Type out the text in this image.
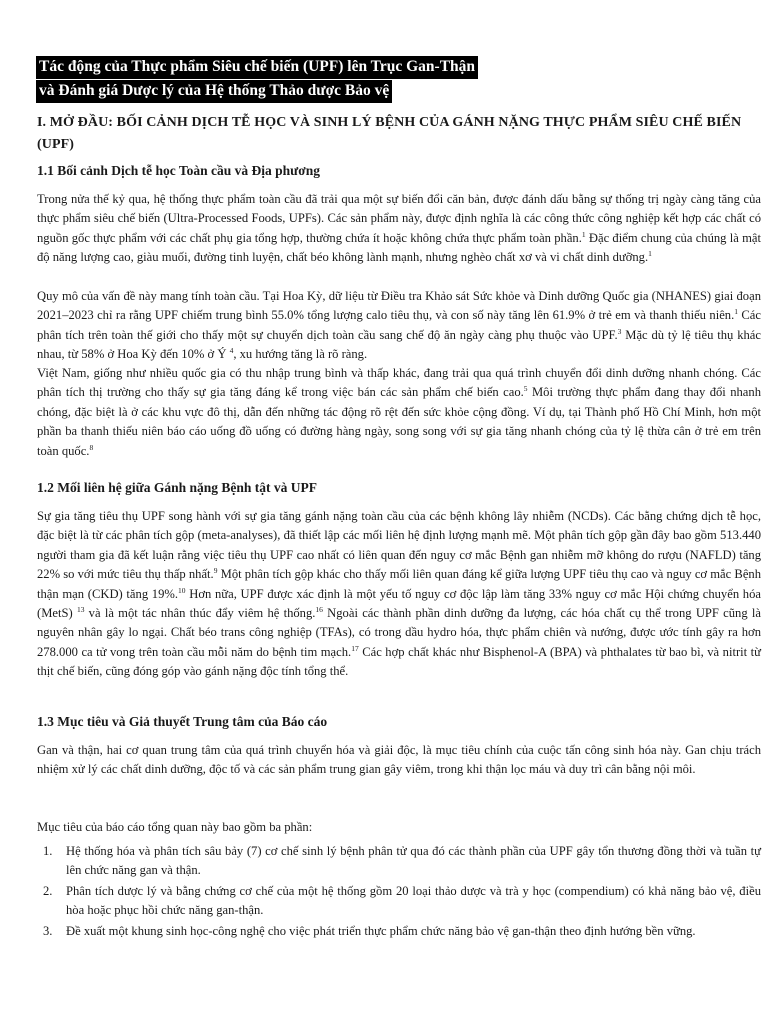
Tác động của Thực phẩm Siêu chế biến (UPF) lên Trục Gan-Thận
và Đánh giá Dược lý của Hệ thống Thảo dược Bảo vệ
I. MỞ ĐẦU: BỐI CẢNH DỊCH TỄ HỌC VÀ SINH LÝ BỆNH CỦA GÁNH NẶNG THỰC PHẨM SIÊU CHẾ BIẾN (UPF)
1.1 Bối cảnh Dịch tễ học Toàn cầu và Địa phương
Trong nửa thế kỷ qua, hệ thống thực phẩm toàn cầu đã trải qua một sự biến đổi căn bản, được đánh dấu bằng sự thống trị ngày càng tăng của thực phẩm siêu chế biến (Ultra-Processed Foods, UPFs). Các sản phẩm này, được định nghĩa là các công thức công nghiệp kết hợp các chất có nguồn gốc thực phẩm với các chất phụ gia tổng hợp, thường chứa ít hoặc không chứa thực phẩm toàn phần.$^1$ Đặc điểm chung của chúng là mật độ năng lượng cao, giàu muối, đường tinh luyện, chất béo không lành mạnh, nhưng nghèo chất xơ và vi chất dinh dưỡng.$^1$
Quy mô của vấn đề này mang tính toàn cầu. Tại Hoa Kỳ, dữ liệu từ Điều tra Khảo sát Sức khỏe và Dinh dưỡng Quốc gia (NHANES) giai đoạn 2021–2023 chỉ ra rằng UPF chiếm trung bình 55.0% tổng lượng calo tiêu thụ, và con số này tăng lên 61.9% ở trẻ em và thanh thiếu niên.$^1$ Các phân tích trên toàn thế giới cho thấy một sự chuyển dịch toàn cầu sang chế độ ăn ngày càng phụ thuộc vào UPF.$^3$ Mặc dù tỷ lệ tiêu thụ khác nhau, từ 58% ở Hoa Kỳ đến 10% ở Ý $^4$, xu hướng tăng là rõ ràng.
Việt Nam, giống như nhiều quốc gia có thu nhập trung bình và thấp khác, đang trải qua quá trình chuyển đổi dinh dưỡng nhanh chóng. Các phân tích thị trường cho thấy sự gia tăng đáng kể trong việc bán các sản phẩm chế biến cao.$^5$ Môi trường thực phẩm đang thay đổi nhanh chóng, đặc biệt là ở các khu vực đô thị, dẫn đến những tác động rõ rệt đến sức khỏe cộng đồng. Ví dụ, tại Thành phố Hồ Chí Minh, hơn một phần ba thanh thiếu niên báo cáo uống đồ uống có đường hàng ngày, song song với sự gia tăng nhanh chóng của tỷ lệ thừa cân ở trẻ em trên toàn quốc.$^8$
1.2 Mối liên hệ giữa Gánh nặng Bệnh tật và UPF
Sự gia tăng tiêu thụ UPF song hành với sự gia tăng gánh nặng toàn cầu của các bệnh không lây nhiễm (NCDs). Các bằng chứng dịch tễ học, đặc biệt là từ các phân tích gộp (meta-analyses), đã thiết lập các mối liên hệ định lượng mạnh mẽ. Một phân tích gộp gần đây bao gồm 513.440 người tham gia đã kết luận rằng việc tiêu thụ UPF cao nhất có liên quan đến nguy cơ mắc Bệnh gan nhiễm mỡ không do rượu (NAFLD) tăng 22% so với mức tiêu thụ thấp nhất.$^9$ Một phân tích gộp khác cho thấy mối liên quan đáng kể giữa lượng UPF tiêu thụ cao và nguy cơ mắc Bệnh thận mạn (CKD) tăng 19%.$^{10}$ Hơn nữa, UPF được xác định là một yếu tố nguy cơ độc lập làm tăng 33% nguy cơ mắc Hội chứng chuyển hóa (MetS) $^{13}$ và là một tác nhân thúc đẩy viêm hệ thống.$^{16}$ Ngoài các thành phần dinh dưỡng đa lượng, các hóa chất cụ thể trong UPF cũng là nguyên nhân gây lo ngại. Chất béo trans công nghiệp (TFAs), có trong dầu hydro hóa, thực phẩm chiên và nướng, được ước tính gây ra hơn 278.000 ca tử vong trên toàn cầu mỗi năm do bệnh tim mạch.$^{17}$ Các hợp chất khác như Bisphenol-A (BPA) và phthalates từ bao bì, và nitrit từ thịt chế biến, cũng đóng góp vào gánh nặng độc tính tổng thể.
1.3 Mục tiêu và Giả thuyết Trung tâm của Báo cáo
Gan và thận, hai cơ quan trung tâm của quá trình chuyển hóa và giải độc, là mục tiêu chính của cuộc tấn công sinh hóa này. Gan chịu trách nhiệm xử lý các chất dinh dưỡng, độc tố và các sản phẩm trung gian gây viêm, trong khi thận lọc máu và duy trì cân bằng nội môi.
Mục tiêu của báo cáo tổng quan này bao gồm ba phần:
1. Hệ thống hóa và phân tích sâu bảy (7) cơ chế sinh lý bệnh phân tử qua đó các thành phần của UPF gây tổn thương đồng thời và tuần tự lên chức năng gan và thận.
2. Phân tích dược lý và bằng chứng cơ chế của một hệ thống gồm 20 loại thảo dược và trà y học (compendium) có khả năng bảo vệ, điều hòa hoặc phục hồi chức năng gan-thận.
3. Đề xuất một khung sinh học-công nghệ cho việc phát triển thực phẩm chức năng bảo vệ gan-thận theo định hướng bền vững.
